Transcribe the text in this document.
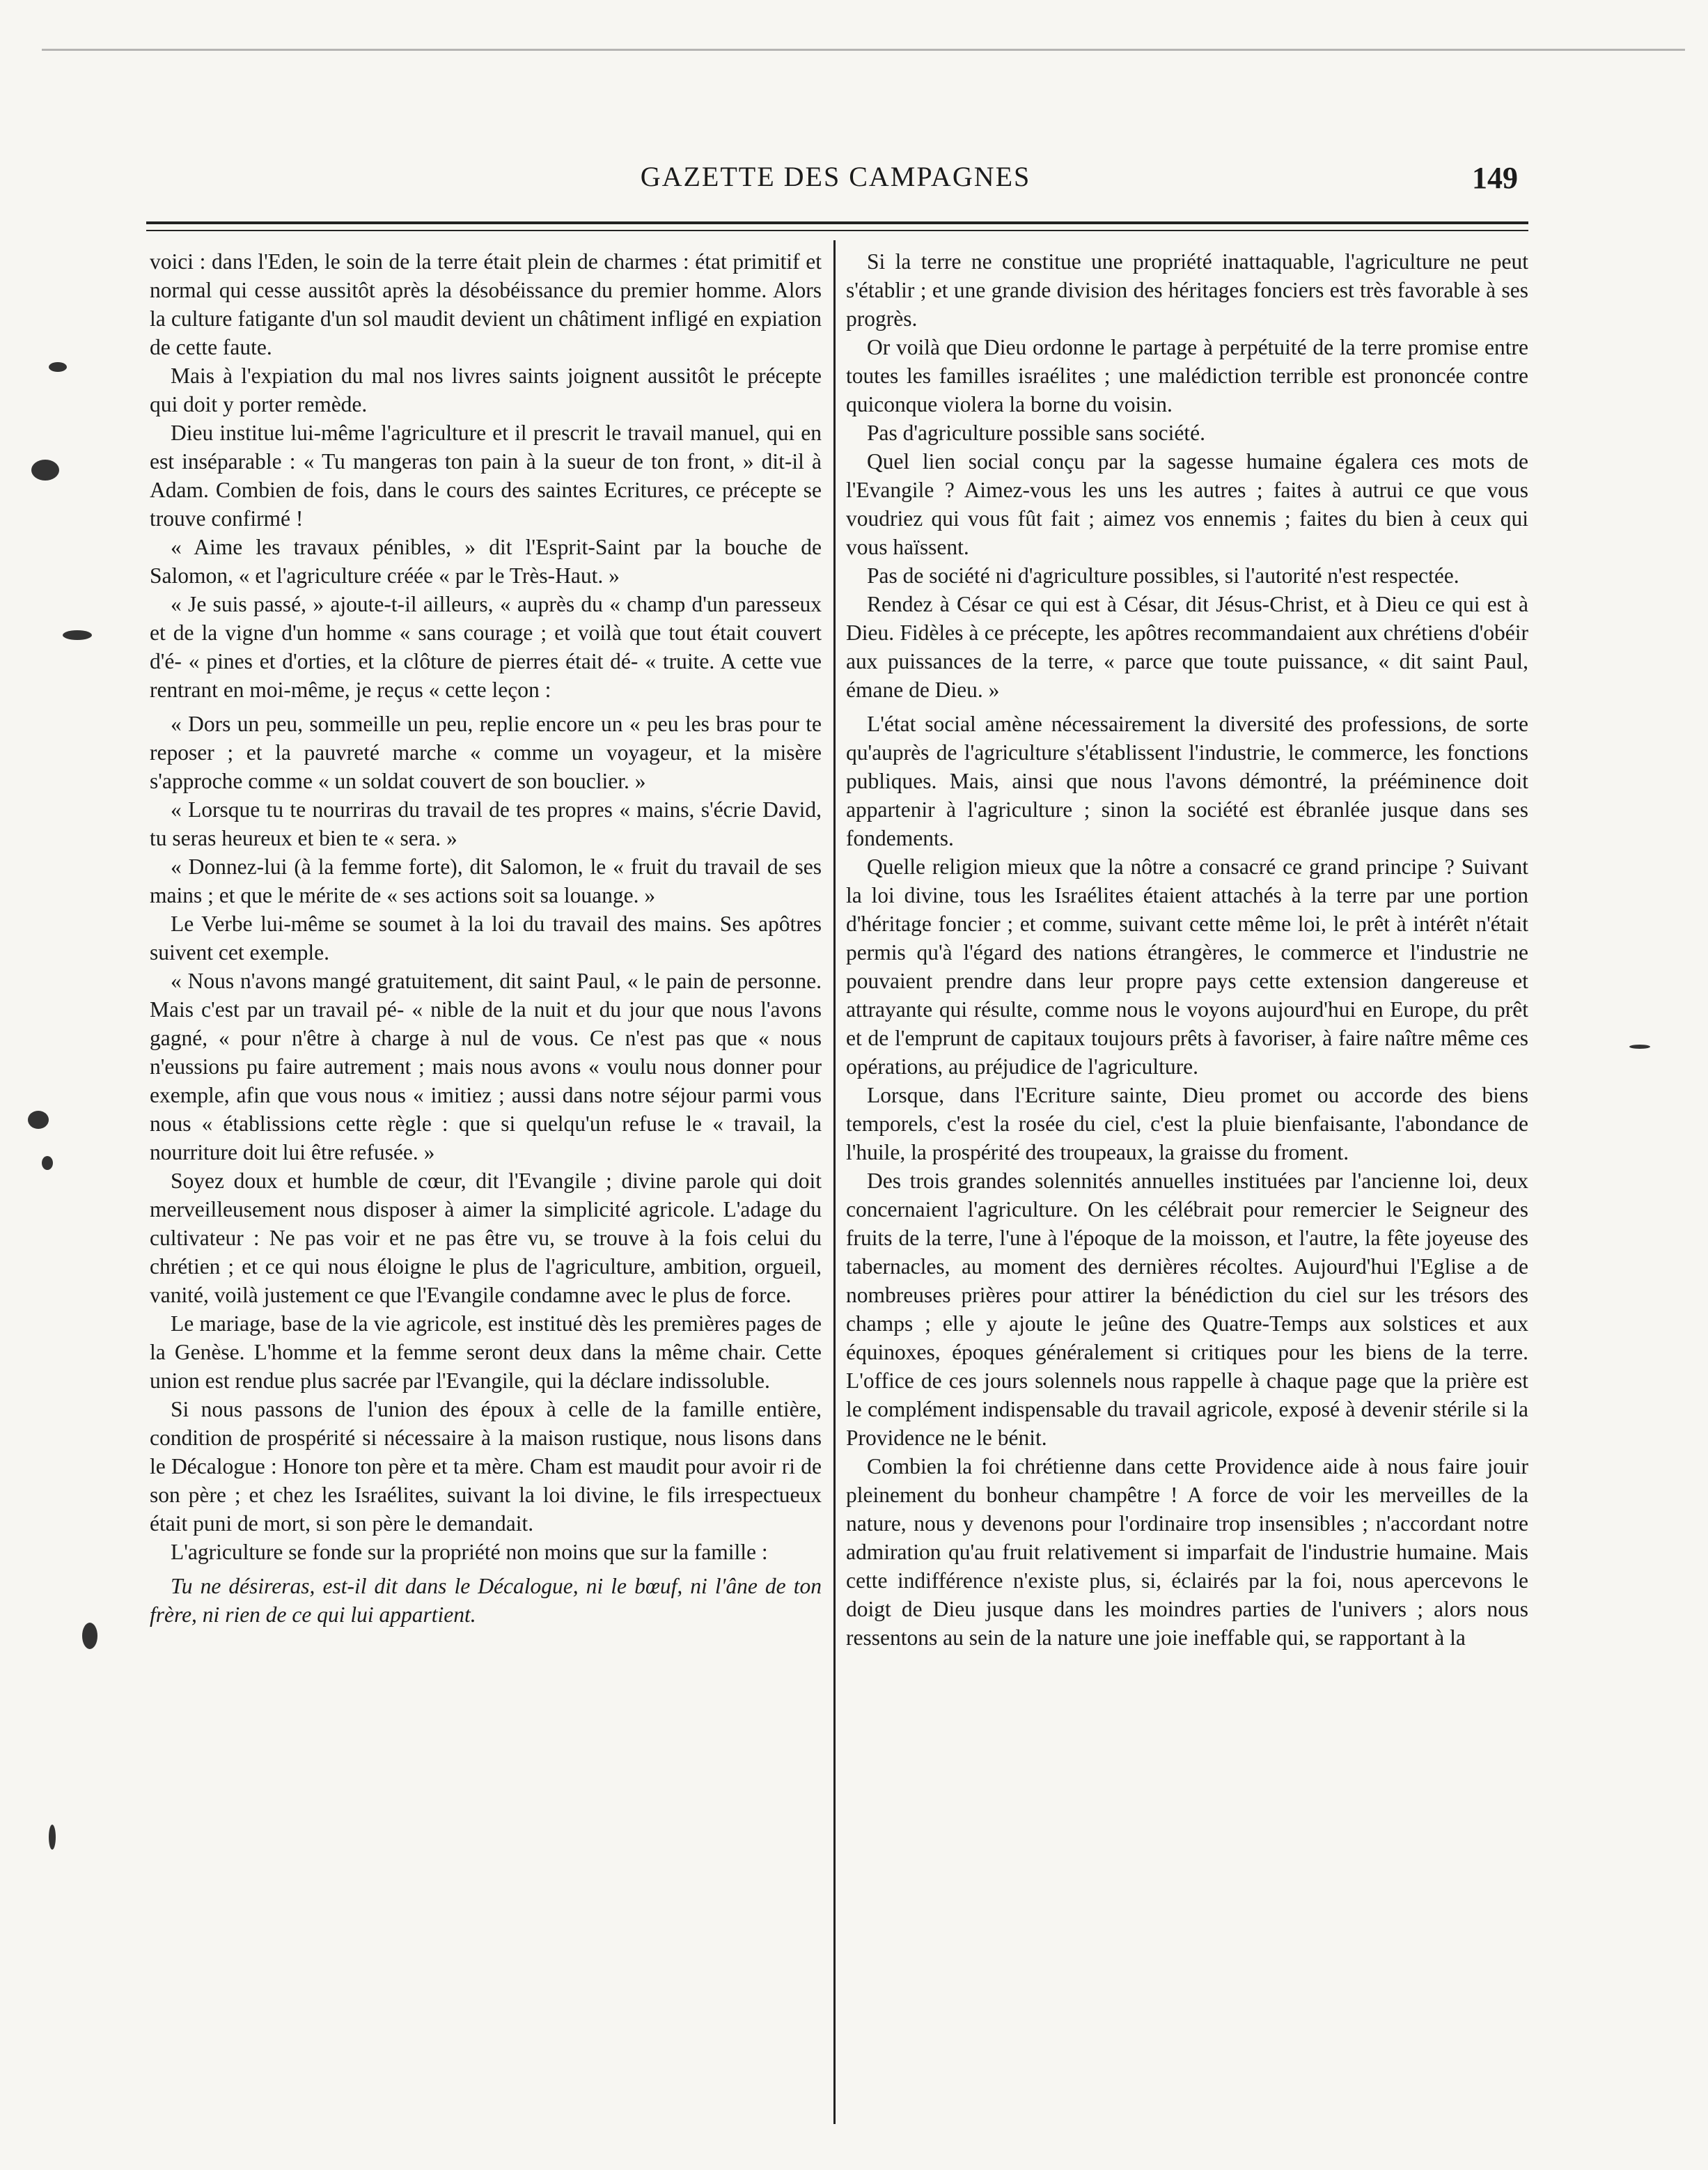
GAZETTE DES CAMPAGNES	149

voici : dans l'Eden, le soin de la terre était plein de charmes : état primitif et normal qui cesse aussitôt après la désobéissance du premier homme. Alors la culture fatigante d'un sol maudit devient un châtiment infligé en expiation de cette faute.

Mais à l'expiation du mal nos livres saints joignent aussitôt le précepte qui doit y porter remède.

Dieu institue lui-même l'agriculture et il prescrit le travail manuel, qui en est inséparable : « Tu mangeras ton pain à la sueur de ton front, » dit-il à Adam. Combien de fois, dans le cours des saintes Ecritures, ce précepte se trouve confirmé !

« Aime les travaux pénibles, » dit l'Esprit-Saint par la bouche de Salomon, « et l'agriculture créée « par le Très-Haut. »

« Je suis passé, » ajoute-t-il ailleurs, « auprès du « champ d'un paresseux et de la vigne d'un homme « sans courage ; et voilà que tout était couvert d'é- « pines et d'orties, et la clôture de pierres était dé- « truite. A cette vue rentrant en moi-même, je reçus « cette leçon :

« Dors un peu, sommeille un peu, replie encore un « peu les bras pour te reposer ; et la pauvreté marche « comme un voyageur, et la misère s'approche comme « un soldat couvert de son bouclier. »

« Lorsque tu te nourriras du travail de tes propres « mains, s'écrie David, tu seras heureux et bien te « sera. »

« Donnez-lui (à la femme forte), dit Salomon, le « fruit du travail de ses mains ; et que le mérite de « ses actions soit sa louange. »

Le Verbe lui-même se soumet à la loi du travail des mains. Ses apôtres suivent cet exemple.

« Nous n'avons mangé gratuitement, dit saint Paul, « le pain de personne. Mais c'est par un travail pé- « nible de la nuit et du jour que nous l'avons gagné, « pour n'être à charge à nul de vous. Ce n'est pas que « nous n'eussions pu faire autrement ; mais nous avons « voulu nous donner pour exemple, afin que vous nous « imitiez ; aussi dans notre séjour parmi vous nous « établissions cette règle : que si quelqu'un refuse le « travail, la nourriture doit lui être refusée. »

Soyez doux et humble de cœur, dit l'Evangile ; divine parole qui doit merveilleusement nous disposer à aimer la simplicité agricole. L'adage du cultivateur : Ne pas voir et ne pas être vu, se trouve à la fois celui du chrétien ; et ce qui nous éloigne le plus de l'agriculture, ambition, orgueil, vanité, voilà justement ce que l'Evangile condamne avec le plus de force.

Le mariage, base de la vie agricole, est institué dès les premières pages de la Genèse. L'homme et la femme seront deux dans la même chair. Cette union est rendue plus sacrée par l'Evangile, qui la déclare indissoluble.

Si nous passons de l'union des époux à celle de la famille entière, condition de prospérité si nécessaire à la maison rustique, nous lisons dans le Décalogue : Honore ton père et ta mère. Cham est maudit pour avoir ri de son père ; et chez les Israélites, suivant la loi divine, le fils irrespectueux était puni de mort, si son père le demandait.

L'agriculture se fonde sur la propriété non moins que sur la famille :

Tu ne désireras, est-il dit dans le Décalogue, ni le bœuf, ni l'âne de ton frère, ni rien de ce qui lui appartient.

Si la terre ne constitue une propriété inattaquable, l'agriculture ne peut s'établir ; et une grande division des héritages fonciers est très favorable à ses progrès.

Or voilà que Dieu ordonne le partage à perpétuité de la terre promise entre toutes les familles israélites ; une malédiction terrible est prononcée contre quiconque violera la borne du voisin.

Pas d'agriculture possible sans société.

Quel lien social conçu par la sagesse humaine égalera ces mots de l'Evangile ? Aimez-vous les uns les autres ; faites à autrui ce que vous voudriez qui vous fût fait ; aimez vos ennemis ; faites du bien à ceux qui vous haïssent.

Pas de société ni d'agriculture possibles, si l'autorité n'est respectée.

Rendez à César ce qui est à César, dit Jésus-Christ, et à Dieu ce qui est à Dieu. Fidèles à ce précepte, les apôtres recommandaient aux chrétiens d'obéir aux puissances de la terre, « parce que toute puissance, « dit saint Paul, émane de Dieu. »

L'état social amène nécessairement la diversité des professions, de sorte qu'auprès de l'agriculture s'établissent l'industrie, le commerce, les fonctions publiques. Mais, ainsi que nous l'avons démontré, la prééminence doit appartenir à l'agriculture ; sinon la société est ébranlée jusque dans ses fondements.

Quelle religion mieux que la nôtre a consacré ce grand principe ? Suivant la loi divine, tous les Israélites étaient attachés à la terre par une portion d'héritage foncier ; et comme, suivant cette même loi, le prêt à intérêt n'était permis qu'à l'égard des nations étrangères, le commerce et l'industrie ne pouvaient prendre dans leur propre pays cette extension dangereuse et attrayante qui résulte, comme nous le voyons aujourd'hui en Europe, du prêt et de l'emprunt de capitaux toujours prêts à favoriser, à faire naître même ces opérations, au préjudice de l'agriculture.

Lorsque, dans l'Ecriture sainte, Dieu promet ou accorde des biens temporels, c'est la rosée du ciel, c'est la pluie bienfaisante, l'abondance de l'huile, la prospérité des troupeaux, la graisse du froment.

Des trois grandes solennités annuelles instituées par l'ancienne loi, deux concernaient l'agriculture. On les célébrait pour remercier le Seigneur des fruits de la terre, l'une à l'époque de la moisson, et l'autre, la fête joyeuse des tabernacles, au moment des dernières récoltes. Aujourd'hui l'Eglise a de nombreuses prières pour attirer la bénédiction du ciel sur les trésors des champs ; elle y ajoute le jeûne des Quatre-Temps aux solstices et aux équinoxes, époques généralement si critiques pour les biens de la terre. L'office de ces jours solennels nous rappelle à chaque page que la prière est le complément indispensable du travail agricole, exposé à devenir stérile si la Providence ne le bénit.

Combien la foi chrétienne dans cette Providence aide à nous faire jouir pleinement du bonheur champêtre ! A force de voir les merveilles de la nature, nous y devenons pour l'ordinaire trop insensibles ; n'accordant notre admiration qu'au fruit relativement si imparfait de l'industrie humaine. Mais cette indifférence n'existe plus, si, éclairés par la foi, nous apercevons le doigt de Dieu jusque dans les moindres parties de l'univers ; alors nous ressentons au sein de la nature une joie ineffable qui, se rapportant à la
